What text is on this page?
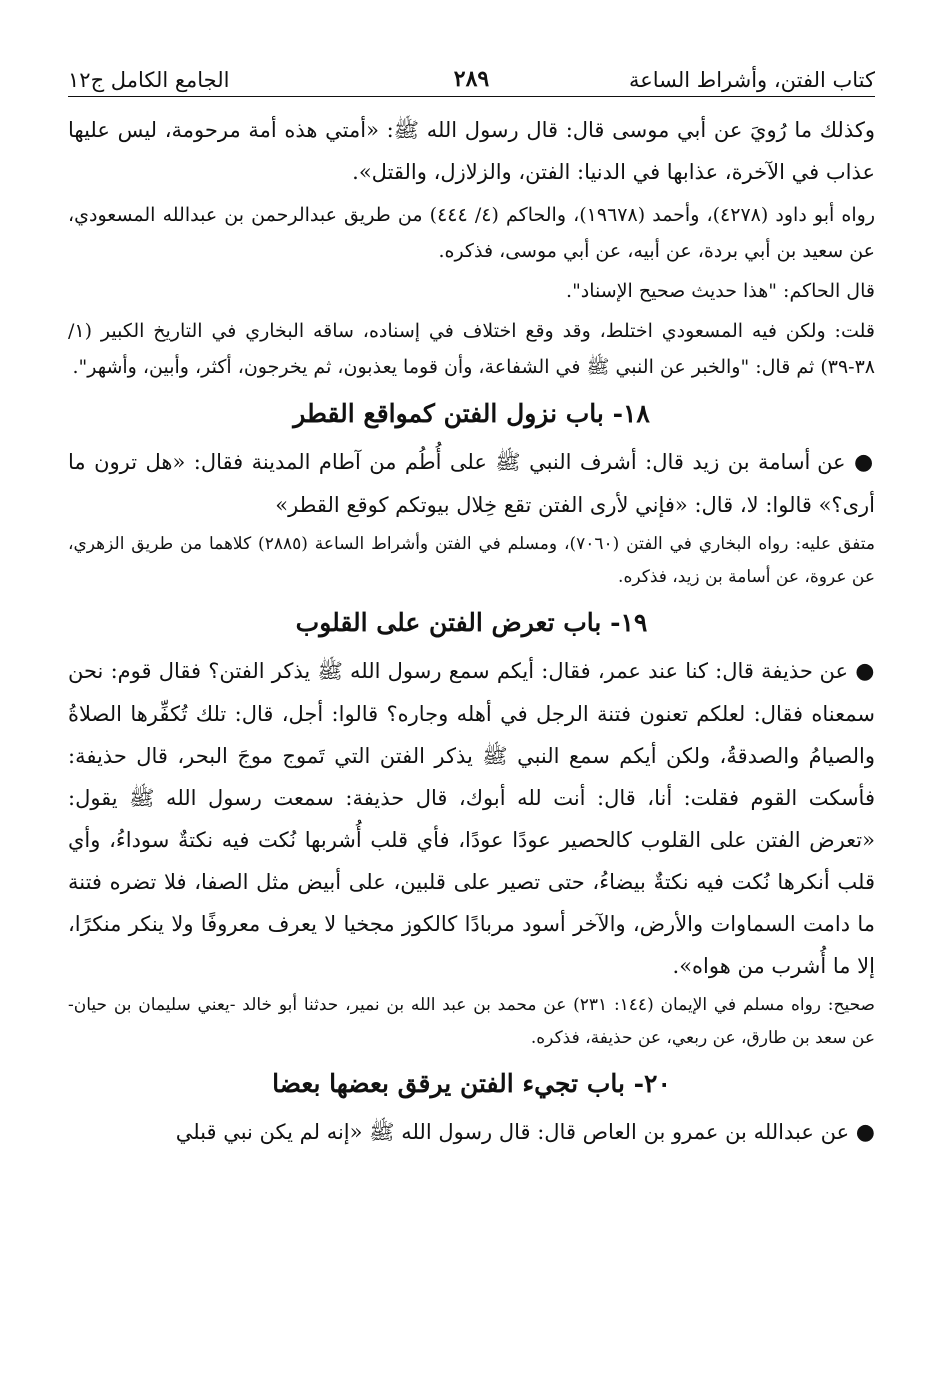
كتاب الفتن، وأشراط الساعة
٢٨٩
الجامع الكامل ج١٢

وكذلك ما رُويَ عن أبي موسى قال: قال رسول الله ﷺ: «أمتي هذه أمة مرحومة، ليس عليها عذاب في الآخرة، عذابها في الدنيا: الفتن، والزلازل، والقتل».

رواه أبو داود (٤٢٧٨)، وأحمد (١٩٦٧٨)، والحاكم (٤/ ٤٤٤) من طريق عبدالرحمن بن عبدالله المسعودي، عن سعيد بن أبي بردة، عن أبيه، عن أبي موسى، فذكره.

قال الحاكم: "هذا حديث صحيح الإسناد".

قلت: ولكن فيه المسعودي اختلط، وقد وقع اختلاف في إسناده، ساقه البخاري في التاريخ الكبير (١/ ٣٨-٣٩) ثم قال: "والخبر عن النبي ﷺ في الشفاعة، وأن قوما يعذبون، ثم يخرجون، أكثر، وأبين، وأشهر".

١٨- باب نزول الفتن كمواقع القطر

● عن أسامة بن زيد قال: أشرف النبي ﷺ على أُطُم من آطام المدينة فقال: «هل ترون ما أرى؟» قالوا: لا، قال: «فإني لأرى الفتن تقع خِلال بيوتكم كوقع القطر»

متفق عليه: رواه البخاري في الفتن (٧٠٦٠)، ومسلم في الفتن وأشراط الساعة (٢٨٨٥) كلاهما من طريق الزهري، عن عروة، عن أسامة بن زيد، فذكره.

١٩- باب تعرض الفتن على القلوب

● عن حذيفة قال: كنا عند عمر، فقال: أيكم سمع رسول الله ﷺ يذكر الفتن؟ فقال قوم: نحن سمعناه فقال: لعلكم تعنون فتنة الرجل في أهله وجاره؟ قالوا: أجل، قال: تلك تُكفِّرها الصلاةُ والصيامُ والصدقةُ، ولكن أيكم سمع النبي ﷺ يذكر الفتن التي تَموج موجَ البحر، قال حذيفة: فأسكت القوم فقلت: أنا، قال: أنت لله أبوك، قال حذيفة: سمعت رسول الله ﷺ يقول: «تعرض الفتن على القلوب كالحصير عودًا عودًا، فأي قلب أُشربها نُكت فيه نكتةٌ سوداءُ، وأي قلب أنكرها نُكت فيه نكتةٌ بيضاءُ، حتى تصير على قلبين، على أبيض مثل الصفا، فلا تضره فتنة ما دامت السماوات والأرض، والآخر أسود مربادًا كالكوز مجخيا لا يعرف معروفًا ولا ينكر منكرًا، إلا ما أُشرب من هواه».

صحيح: رواه مسلم في الإيمان (١٤٤: ٢٣١) عن محمد بن عبد الله بن نمير، حدثنا أبو خالد -يعني سليمان بن حيان- عن سعد بن طارق، عن ربعي، عن حذيفة، فذكره.

٢٠- باب تجيء الفتن يرقق بعضها بعضا

● عن عبدالله بن عمرو بن العاص قال: قال رسول الله ﷺ «إنه لم يكن نبي قبلي
